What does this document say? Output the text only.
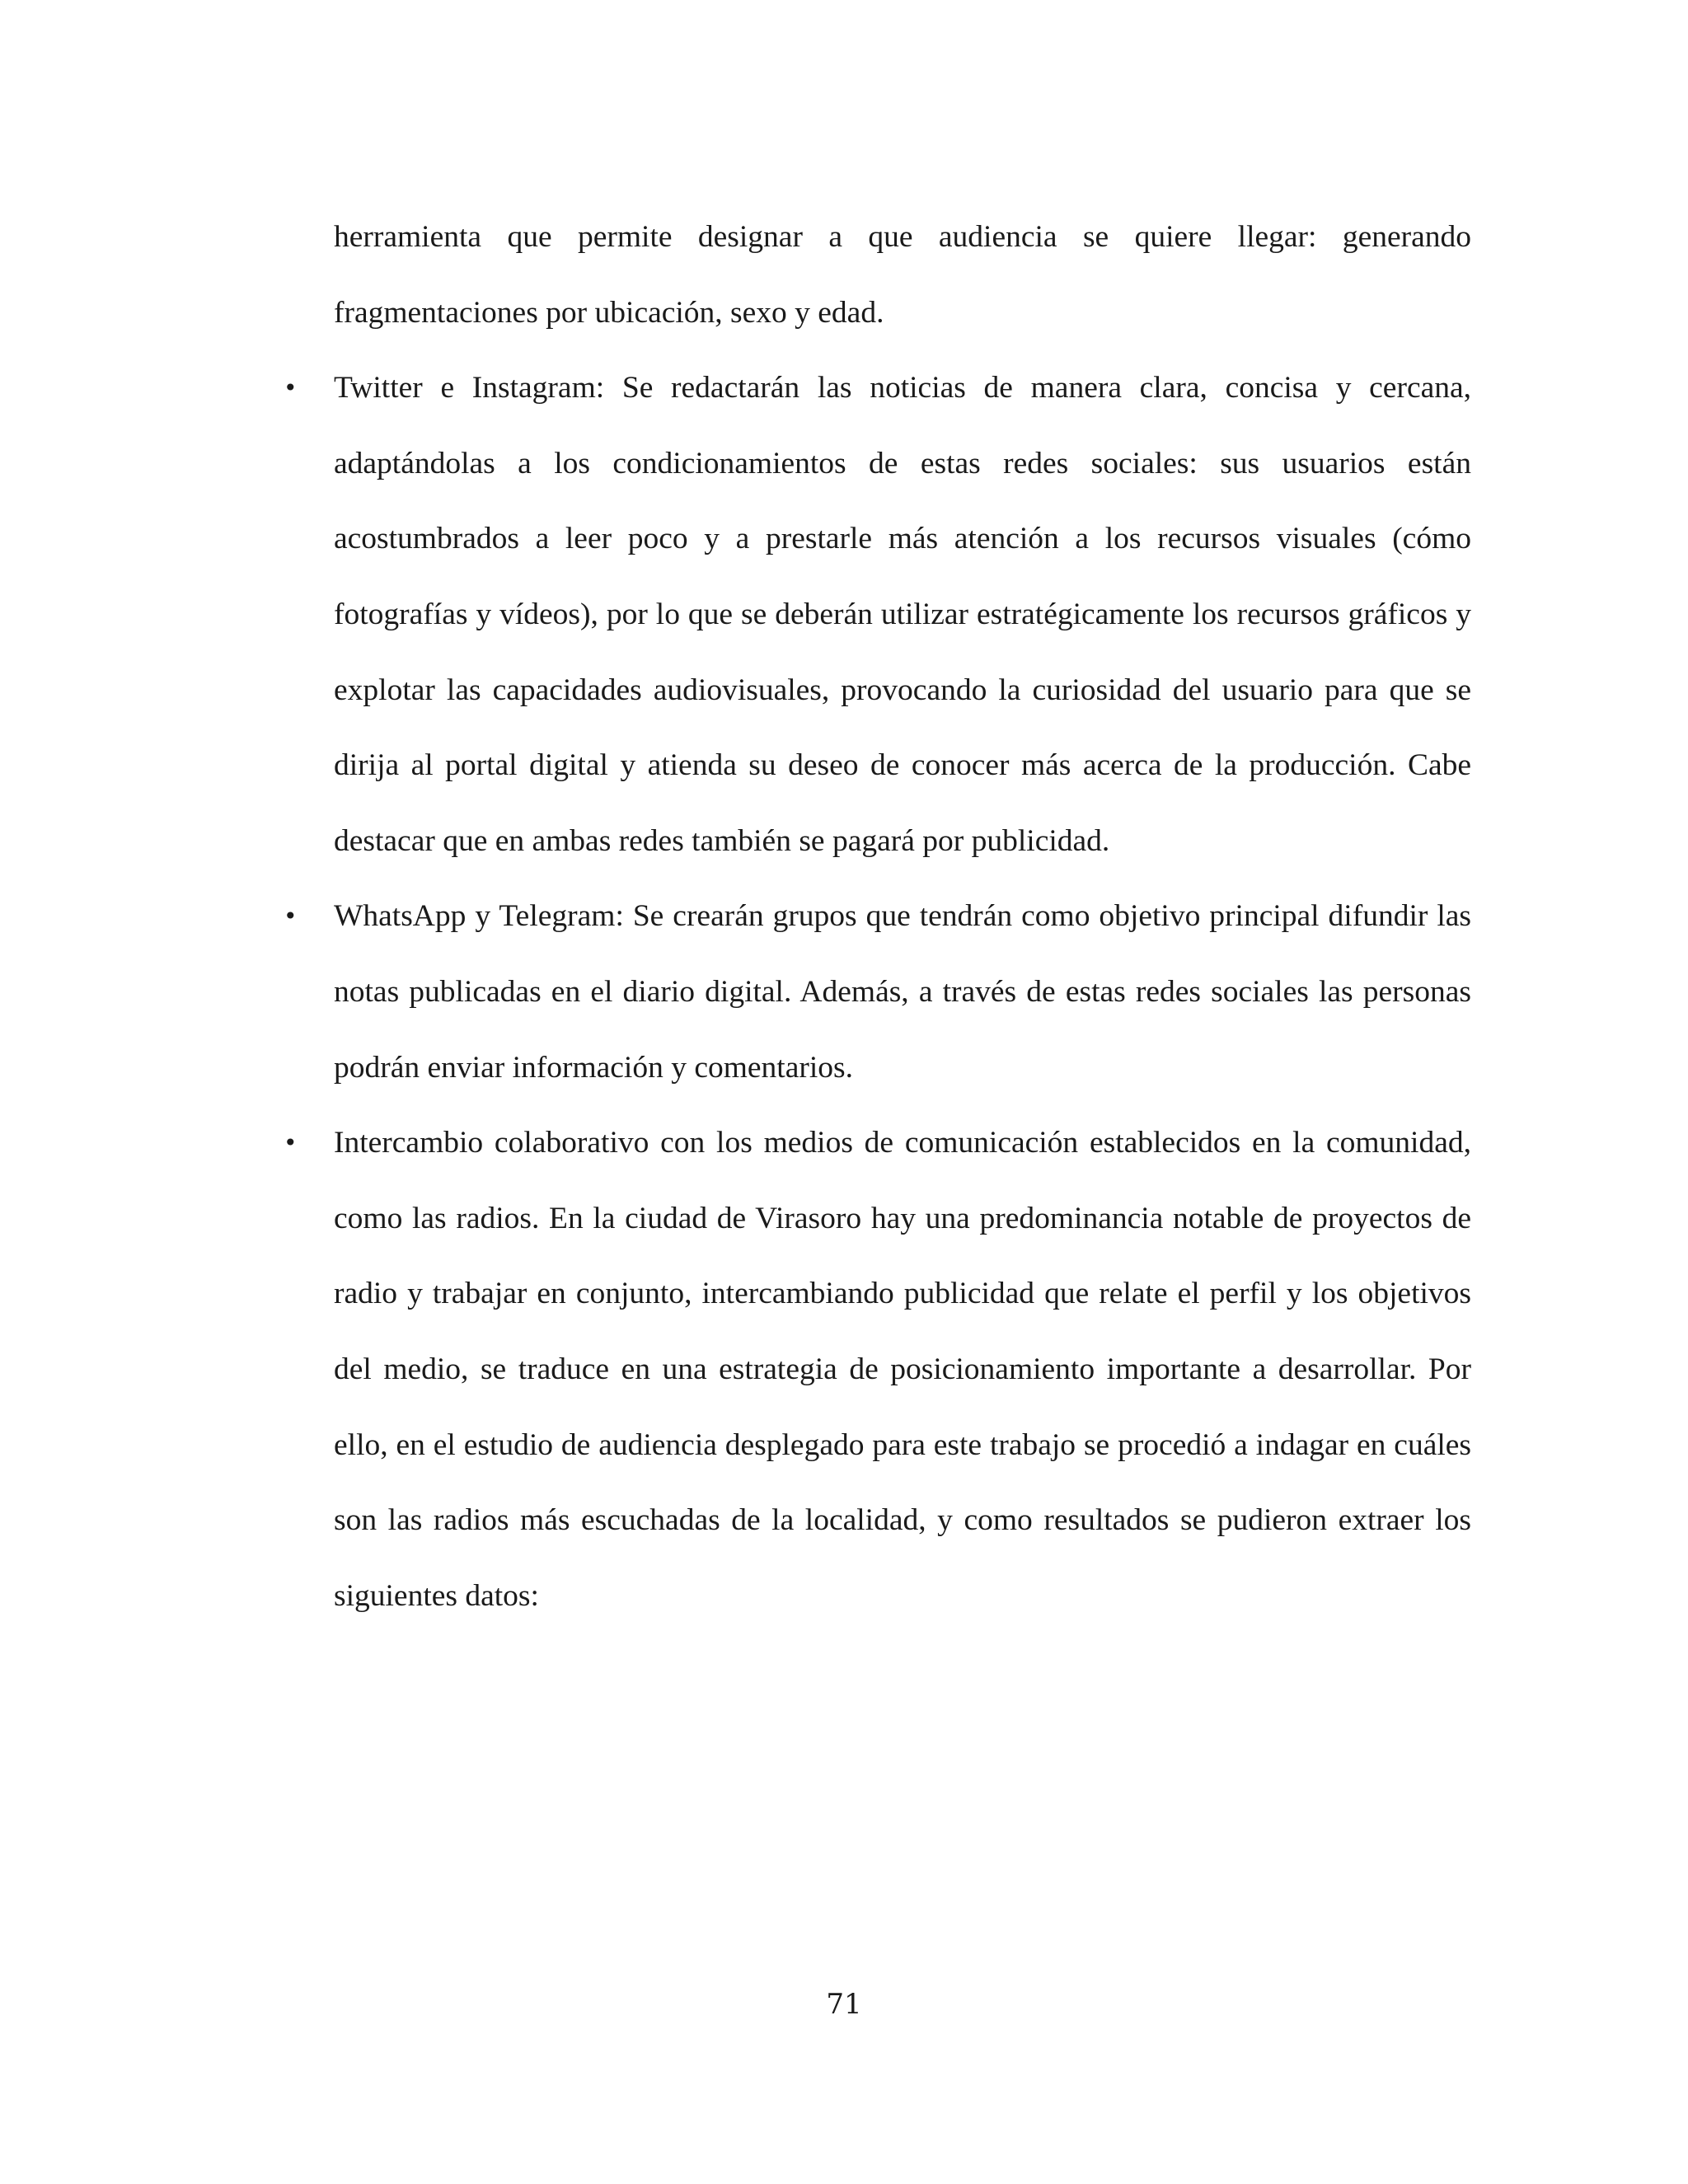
herramienta que permite designar a que audiencia se quiere llegar: generando fragmentaciones por ubicación, sexo y edad.

• Twitter e Instagram: Se redactarán las noticias de manera clara, concisa y cercana, adaptándolas a los condicionamientos de estas redes sociales: sus usuarios están acostumbrados a leer poco y a prestarle más atención a los recursos visuales (cómo fotografías y vídeos), por lo que se deberán utilizar estratégicamente los recursos gráficos y explotar las capacidades audiovisuales, provocando la curiosidad del usuario para que se dirija al portal digital y atienda su deseo de conocer más acerca de la producción. Cabe destacar que en ambas redes también se pagará por publicidad.
• WhatsApp y Telegram: Se crearán grupos que tendrán como objetivo principal difundir las notas publicadas en el diario digital. Además, a través de estas redes sociales las personas podrán enviar información y comentarios.
• Intercambio colaborativo con los medios de comunicación establecidos en la comunidad, como las radios. En la ciudad de Virasoro hay una predominancia notable de proyectos de radio y trabajar en conjunto, intercambiando publicidad que relate el perfil y los objetivos del medio, se traduce en una estrategia de posicionamiento importante a desarrollar. Por ello, en el estudio de audiencia desplegado para este trabajo se procedió a indagar en cuáles son las radios más escuchadas de la localidad, y como resultados se pudieron extraer los siguientes datos:
71
